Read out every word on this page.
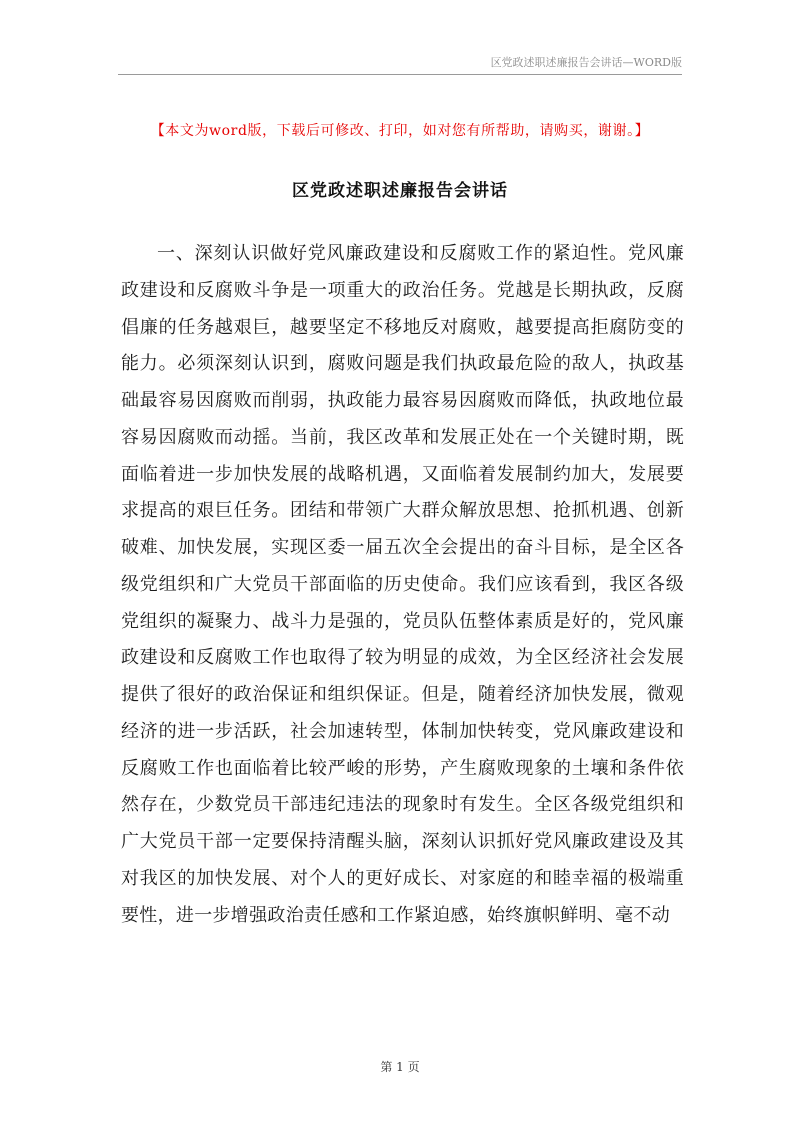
区党政述职述廉报告会讲话—WORD版
【本文为word版，下载后可修改、打印，如对您有所帮助，请购买，谢谢。】
区党政述职述廉报告会讲话

一、深刻认识做好党风廉政建设和反腐败工作的紧迫性。党风廉政建设和反腐败斗争是一项重大的政治任务。党越是长期执政，反腐倡廉的任务越艰巨，越要坚定不移地反对腐败，越要提高拒腐防变的能力。必须深刻认识到，腐败问题是我们执政最危险的敌人，执政基础最容易因腐败而削弱，执政能力最容易因腐败而降低，执政地位最容易因腐败而动摇。当前，我区改革和发展正处在一个关键时期，既面临着进一步加快发展的战略机遇，又面临着发展制约加大，发展要求提高的艰巨任务。团结和带领广大群众解放思想、抢抓机遇、创新破难、加快发展，实现区委一届五次全会提出的奋斗目标，是全区各级党组织和广大党员干部面临的历史使命。我们应该看到，我区各级党组织的凝聚力、战斗力是强的，党员队伍整体素质是好的，党风廉政建设和反腐败工作也取得了较为明显的成效，为全区经济社会发展提供了很好的政治保证和组织保证。但是，随着经济加快发展，微观经济的进一步活跃，社会加速转型，体制加快转变，党风廉政建设和反腐败工作也面临着比较严峻的形势，产生腐败现象的土壤和条件依然存在，少数党员干部违纪违法的现象时有发生。全区各级党组织和广大党员干部一定要保持清醒头脑，深刻认识抓好党风廉政建设及其对我区的加快发展、对个人的更好成长、对家庭的和睦幸福的极端重要性，进一步增强政治责任感和工作紧迫感，始终旗帜鲜明、毫不动

第 1 页
